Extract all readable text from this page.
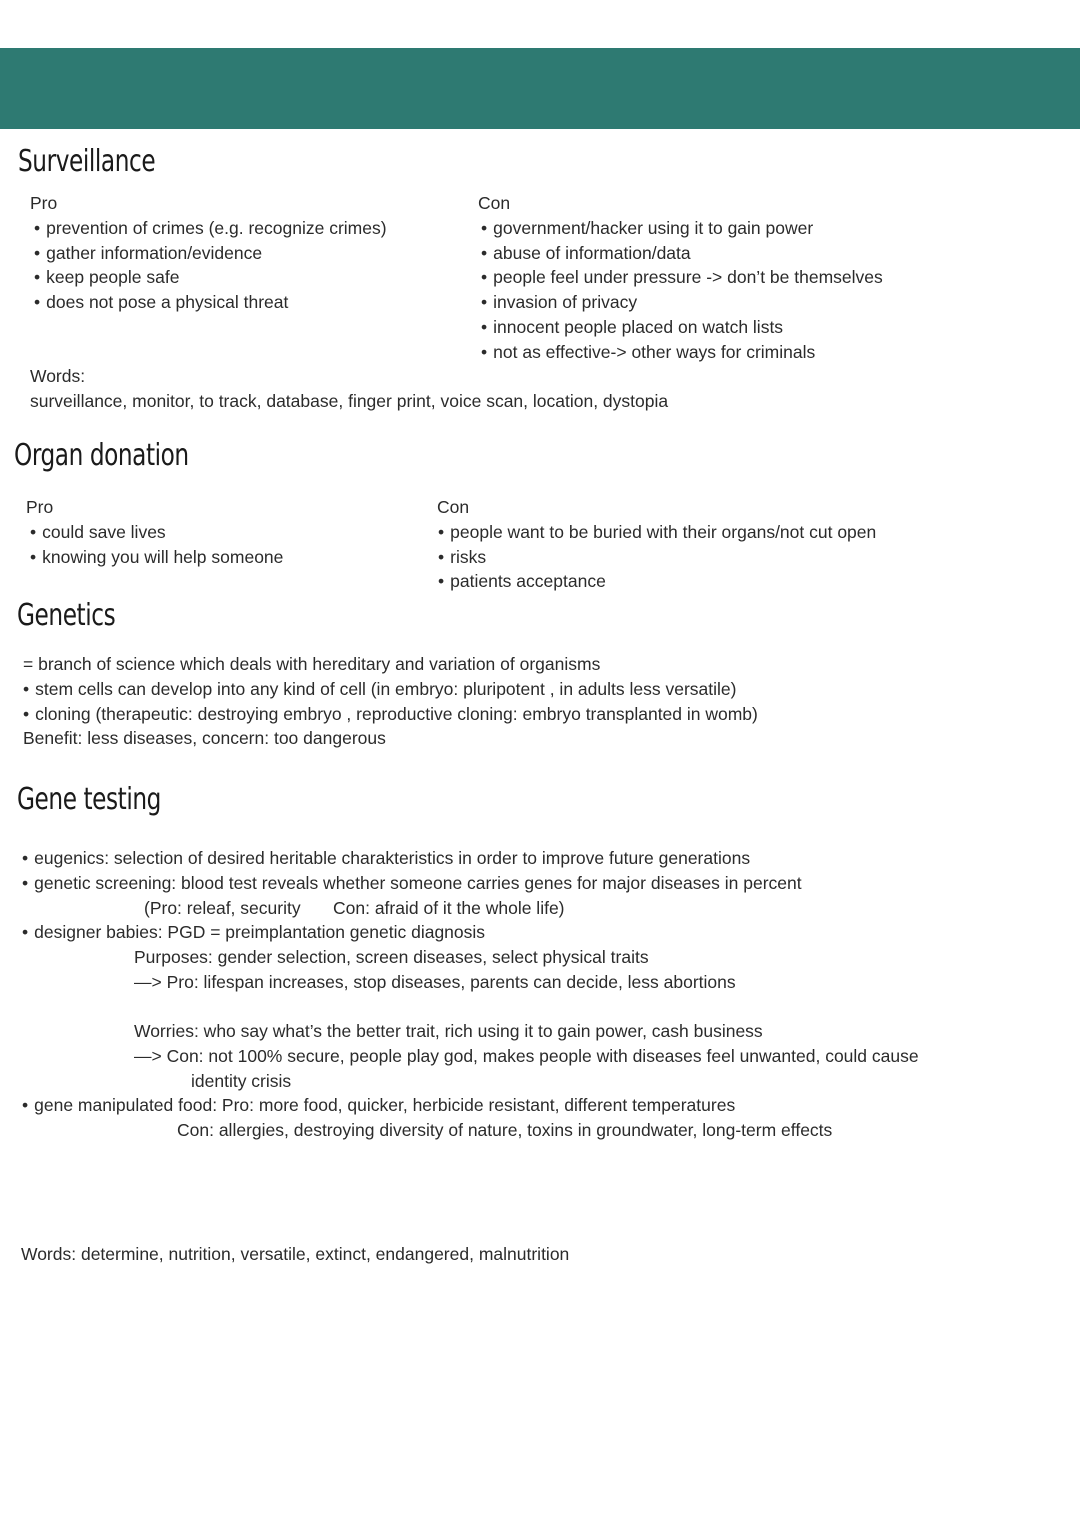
Surveillance
Pro
• prevention of crimes (e.g. recognize crimes)
• gather information/evidence
• keep people safe
• does not pose a physical threat
Con
• government/hacker using it to gain power
• abuse of information/data
• people feel under pressure -> don’t be themselves
• invasion of privacy
• innocent people placed on watch lists
• not as effective-> other ways for criminals
Words:
surveillance, monitor, to track, database, finger print, voice scan, location, dystopia
Organ donation
Pro
• could save lives
• knowing you will help someone
Con
• people want to be buried with their organs/not cut open
• risks
• patients acceptance
Genetics
= branch of science which deals with hereditary and variation of organisms
• stem cells can develop into any kind of cell (in embryo: pluripotent , in adults less versatile)
• cloning (therapeutic: destroying embryo , reproductive cloning: embryo transplanted in womb)
Benefit: less diseases, concern: too dangerous
Gene testing
• eugenics: selection of desired heritable charakteristics in order to improve future generations
• genetic screening: blood test reveals whether someone carries genes for major diseases in percent
(Pro: releaf, security Con: afraid of it the whole life)
• designer babies: PGD = preimplantation genetic diagnosis
Purposes: gender selection, screen diseases, select physical traits
—> Pro: lifespan increases, stop diseases, parents can decide, less abortions
Worries: who say what’s the better trait, rich using it to gain power, cash business
—> Con: not 100% secure, people play god, makes people with diseases feel unwanted, could cause
identity crisis
• gene manipulated food: Pro: more food, quicker, herbicide resistant, different temperatures
Con: allergies, destroying diversity of nature, toxins in groundwater, long-term effects
Words: determine, nutrition, versatile, extinct, endangered, malnutrition
